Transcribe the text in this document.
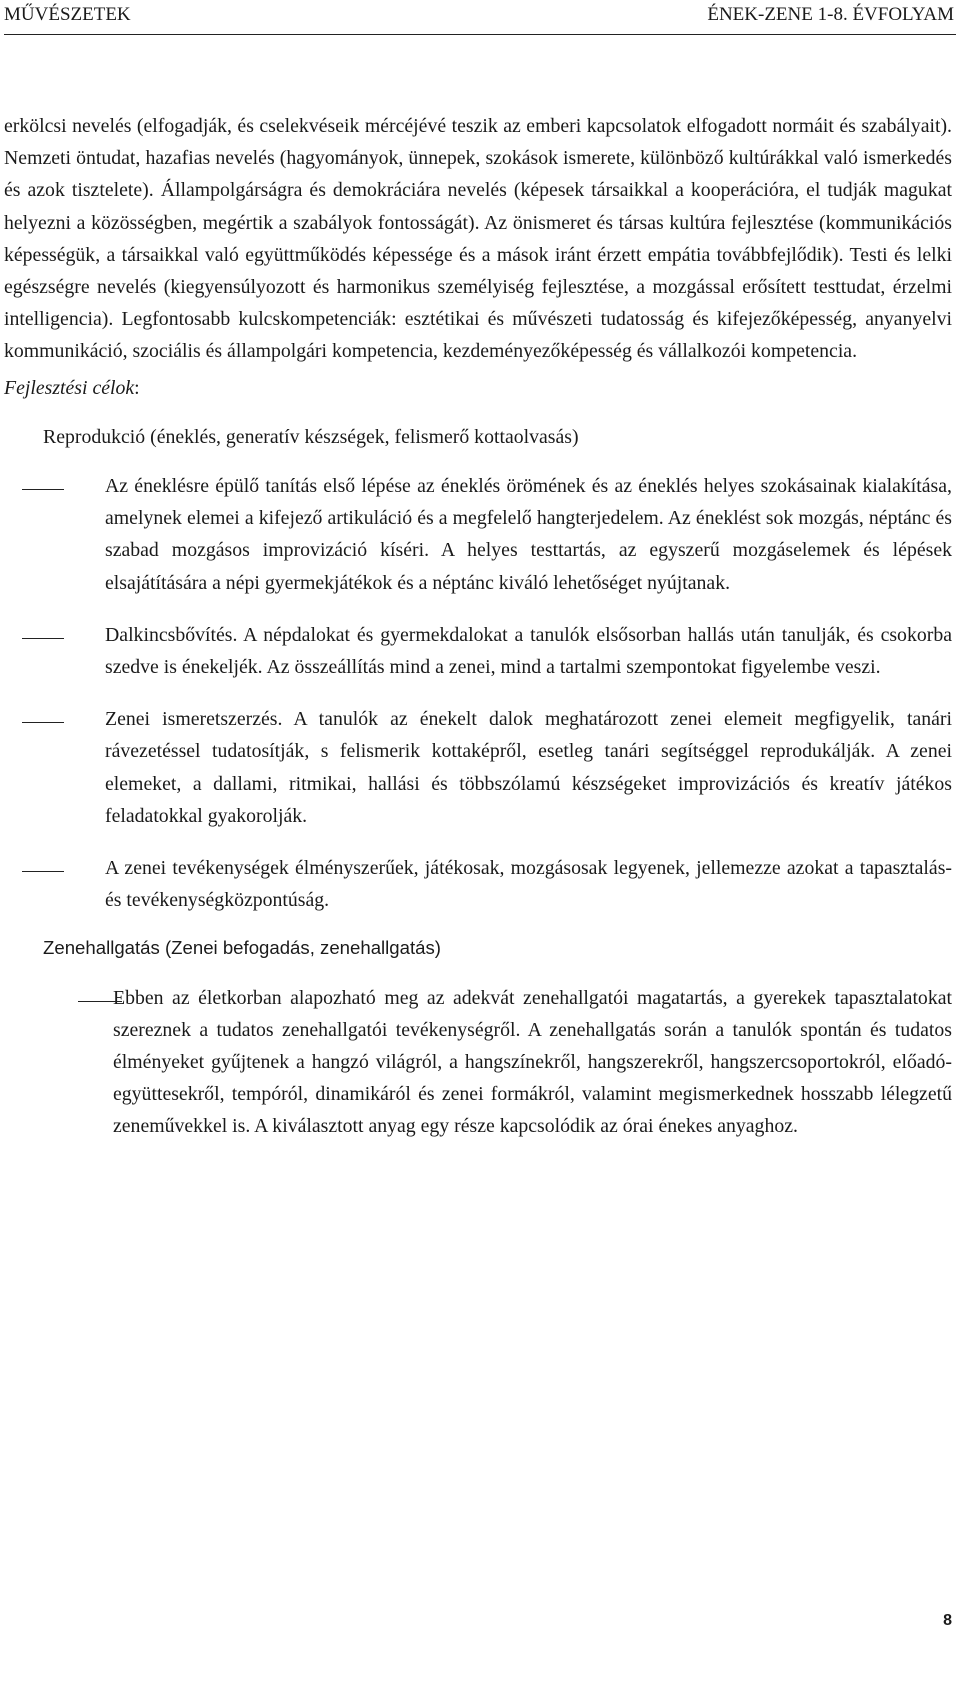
MŰVÉSZETEK	ÉNEK-ZENE 1-8. ÉVFOLYAM

erkölcsi nevelés (elfogadják, és cselekvéseik mércéjévé teszik az emberi kapcsolatok elfogadott normáit és szabályait). Nemzeti öntudat, hazafias nevelés (hagyományok, ünnepek, szokások ismerete, különböző kultúrákkal való ismerkedés és azok tisztelete). Állampolgárságra és demokráciára nevelés (képesek társaikkal a kooperációra, el tudják magukat helyezni a közösségben, megértik a szabályok fontosságát). Az önismeret és társas kultúra fejlesztése (kommunikációs képességük, a társaikkal való együttműködés képessége és a mások iránt érzett empátia továbbfejlődik). Testi és lelki egészségre nevelés (kiegyensúlyozott és harmonikus személyiség fejlesztése, a mozgással erősített testtudat, érzelmi intelligencia). Legfontosabb kulcskompetenciák: esztétikai és művészeti tudatosság és kifejezőképesség, anyanyelvi kommunikáció, szociális és állampolgári kompetencia, kezdeményezőképesség és vállalkozói kompetencia.

Fejlesztési célok:

Reprodukció (éneklés, generatív készségek, felismerő kottaolvasás)

Az éneklésre épülő tanítás első lépése az éneklés örömének és az éneklés helyes szokásainak kialakítása, amelynek elemei a kifejező artikuláció és a megfelelő hangterjedelem. Az éneklést sok mozgás, néptánc és szabad mozgásos improvizáció kíséri. A helyes testtartás, az egyszerű mozgáselemek és lépések elsajátítására a népi gyermekjátékok és a néptánc kiváló lehetőséget nyújtanak.

Dalkincsbővítés. A népdalokat és gyermekdalokat a tanulók elsősorban hallás után tanulják, és csokorba szedve is énekeljék. Az összeállítás mind a zenei, mind a tartalmi szempontokat figyelembe veszi.

Zenei ismeretszerzés. A tanulók az énekelt dalok meghatározott zenei elemeit megfigyelik, tanári rávezetéssel tudatosítják, s felismerik kottaképről, esetleg tanári segítséggel reprodukálják. A zenei elemeket, a dallami, ritmikai, hallási és többszólamú készségeket improvizációs és kreatív játékos feladatokkal gyakorolják.

A zenei tevékenységek élményszerűek, játékosak, mozgásosak legyenek, jellemezze azokat a tapasztalás- és tevékenységközpontúság.

Zenehallgatás (Zenei befogadás, zenehallgatás)

Ebben az életkorban alapozható meg az adekvát zenehallgatói magatartás, a gyerekek tapasztalatokat szereznek a tudatos zenehallgatói tevékenységről. A zenehallgatás során a tanulók spontán és tudatos élményeket gyűjtenek a hangzó világról, a hangszínekről, hangszerekről, hangszercsoportokról, előadó-együttesekről, tempóról, dinamikáról és zenei formákról, valamint megismerkednek hosszabb lélegzetű zeneművekkel is. A kiválasztott anyag egy része kapcsolódik az órai énekes anyaghoz.

8
